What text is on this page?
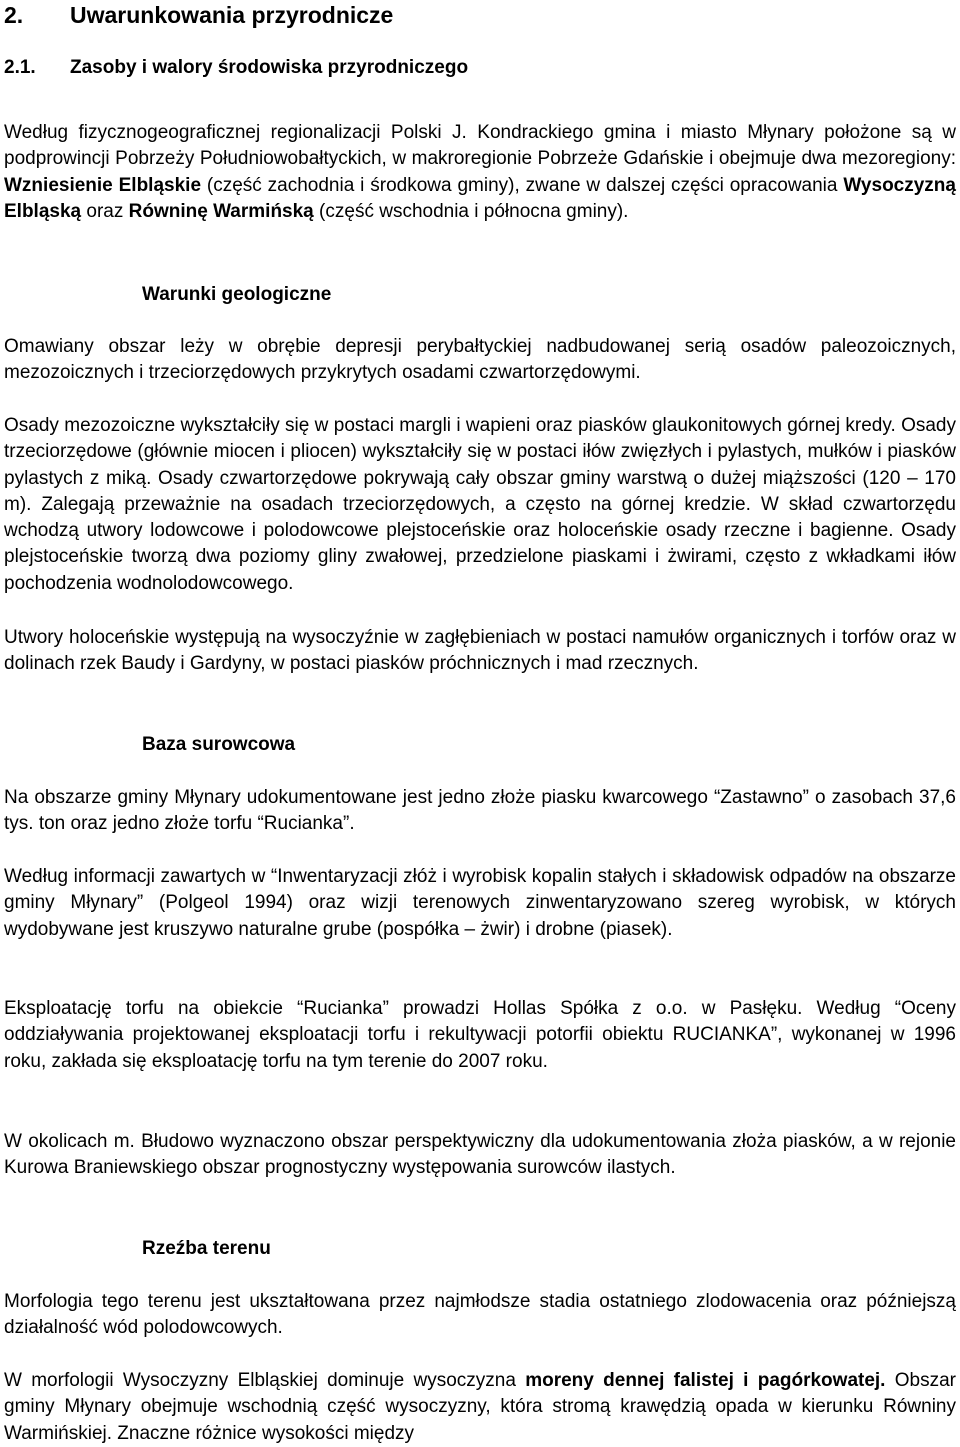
2. Uwarunkowania przyrodnicze
2.1. Zasoby i walory środowiska przyrodniczego
Według fizycznogeograficznej regionalizacji Polski J. Kondrackiego gmina i miasto Młynary położone są w podprowincji Pobrzeży Południowobałtyckich, w makroregionie Pobrzeże Gdańskie i obejmuje dwa mezoregiony: Wzniesienie Elbląskie (część zachodnia i środkowa gminy), zwane w dalszej części opracowania Wysoczyzną Elbląską oraz Równinę Warmińską (część wschodnia i północna gminy).
Warunki geologiczne
Omawiany obszar leży w obrębie depresji perybałtyckiej nadbudowanej serią osadów paleozoicznych, mezozoicznych i trzeciorzędowych przykrytych osadami czwartorzędowymi.
Osady mezozoiczne wykształciły się w postaci margli i wapieni oraz piasków glaukonitowych górnej kredy. Osady trzeciorzędowe (głównie miocen i pliocen) wykształciły się w postaci iłów zwięzłych i pylastych, mułków i piasków pylastych z miką. Osady czwartorzędowe pokrywają cały obszar gminy warstwą o dużej miąższości (120 – 170 m). Zalegają przeważnie na osadach trzeciorzędowych, a często na górnej kredzie. W skład czwartorzędu wchodzą utwory lodowcowe i polodowcowe plejstoceńskie oraz holoceńskie osady rzeczne i bagienne. Osady plejstoceńskie tworzą dwa poziomy gliny zwałowej, przedzielone piaskami i żwirami, często z wkładkami iłów pochodzenia wodnolodowcowego.
Utwory holoceńskie występują na wysoczyźnie w zagłębieniach w postaci namułów organicznych i torfów oraz w dolinach rzek Baudy i Gardyny, w postaci piasków próchnicznych i mad rzecznych.
Baza surowcowa
Na obszarze gminy Młynary udokumentowane jest jedno złoże piasku kwarcowego “Zastawno” o zasobach 37,6 tys. ton oraz jedno złoże torfu “Rucianka”.
Według informacji zawartych w “Inwentaryzacji złóż i wyrobisk kopalin stałych i składowisk odpadów na obszarze gminy Młynary” (Polgeol 1994) oraz wizji terenowych zinwentaryzowano szereg wyrobisk, w których wydobywane jest kruszywo naturalne grube (pospółka – żwir) i drobne (piasek).
Eksploatację torfu na obiekcie “Rucianka” prowadzi Hollas Spółka z o.o. w Pasłęku. Według “Oceny oddziaływania projektowanej eksploatacji torfu i rekultywacji potorfii obiektu RUCIANKA”, wykonanej w 1996 roku, zakłada się eksploatację torfu na tym terenie do 2007 roku.
W okolicach m. Błudowo wyznaczono obszar perspektywiczny dla udokumentowania złoża piasków, a w rejonie Kurowa Braniewskiego obszar prognostyczny występowania surowców ilastych.
Rzeźba terenu
Morfologia tego terenu jest ukształtowana przez najmłodsze stadia ostatniego zlodowacenia oraz późniejszą działalność wód polodowcowych.
W morfologii Wysoczyzny Elbląskiej dominuje wysoczyzna moreny dennej falistej i pagórkowatej. Obszar gminy Młynary obejmuje wschodnią część wysoczyzny, która stromą krawędzią opada w kierunku Równiny Warmińskiej. Znaczne różnice wysokości między
